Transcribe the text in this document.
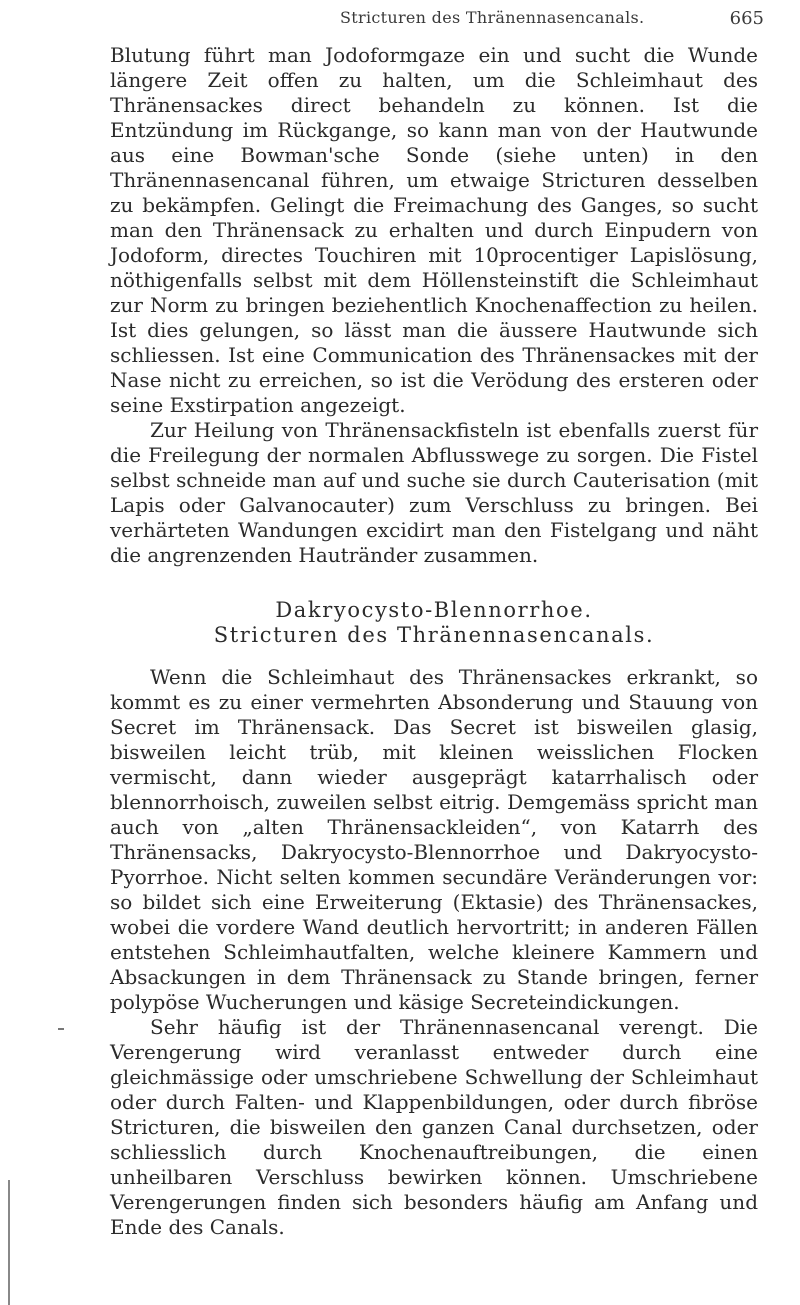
Stricturen des Thränennasencanals.	665

Blutung führt man Jodoformgaze ein und sucht die Wunde längere Zeit offen zu halten, um die Schleimhaut des Thränensackes direct behandeln zu können. Ist die Entzündung im Rückgange, so kann man von der Hautwunde aus eine Bowman'sche Sonde (siehe unten) in den Thränennasencanal führen, um etwaige Stricturen desselben zu bekämpfen. Gelingt die Freimachung des Ganges, so sucht man den Thränensack zu erhalten und durch Einpudern von Jodoform, directes Touchiren mit 10procentiger Lapislösung, nöthigenfalls selbst mit dem Höllensteinstift die Schleimhaut zur Norm zu bringen beziehentlich Knochenaffection zu heilen. Ist dies gelungen, so lässt man die äussere Hautwunde sich schliessen. Ist eine Communication des Thränensackes mit der Nase nicht zu erreichen, so ist die Verödung des ersteren oder seine Exstirpation angezeigt.

Zur Heilung von Thränensackfisteln ist ebenfalls zuerst für die Freilegung der normalen Abflusswege zu sorgen. Die Fistel selbst schneide man auf und suche sie durch Cauterisation (mit Lapis oder Galvanocauter) zum Verschluss zu bringen. Bei verhärteten Wandungen excidirt man den Fistelgang und näht die angrenzenden Hautränder zusammen.

Dakryocysto-Blennorrhoe.
Stricturen des Thränennasencanals.

Wenn die Schleimhaut des Thränensackes erkrankt, so kommt es zu einer vermehrten Absonderung und Stauung von Secret im Thränensack. Das Secret ist bisweilen glasig, bisweilen leicht trüb, mit kleinen weisslichen Flocken vermischt, dann wieder ausgeprägt katarrhalisch oder blennorrhoisch, zuweilen selbst eitrig. Demgemäss spricht man auch von „alten Thränensackleiden“, von Katarrh des Thränensacks, Dakryocysto-Blennorrhoe und Dakryocysto-Pyorrhoe. Nicht selten kommen secundäre Veränderungen vor: so bildet sich eine Erweiterung (Ektasie) des Thränensackes, wobei die vordere Wand deutlich hervortritt; in anderen Fällen entstehen Schleimhautfalten, welche kleinere Kammern und Absackungen in dem Thränensack zu Stande bringen, ferner polypöse Wucherungen und käsige Secreteindickungen.

Sehr häufig ist der Thränennasencanal verengt. Die Verengerung wird veranlasst entweder durch eine gleichmässige oder umschriebene Schwellung der Schleimhaut oder durch Falten- und Klappenbildungen, oder durch fibröse Stricturen, die bisweilen den ganzen Canal durchsetzen, oder schliesslich durch Knochenauftreibungen, die einen unheilbaren Verschluss bewirken können. Umschriebene Verengerungen finden sich besonders häufig am Anfang und Ende des Canals.
